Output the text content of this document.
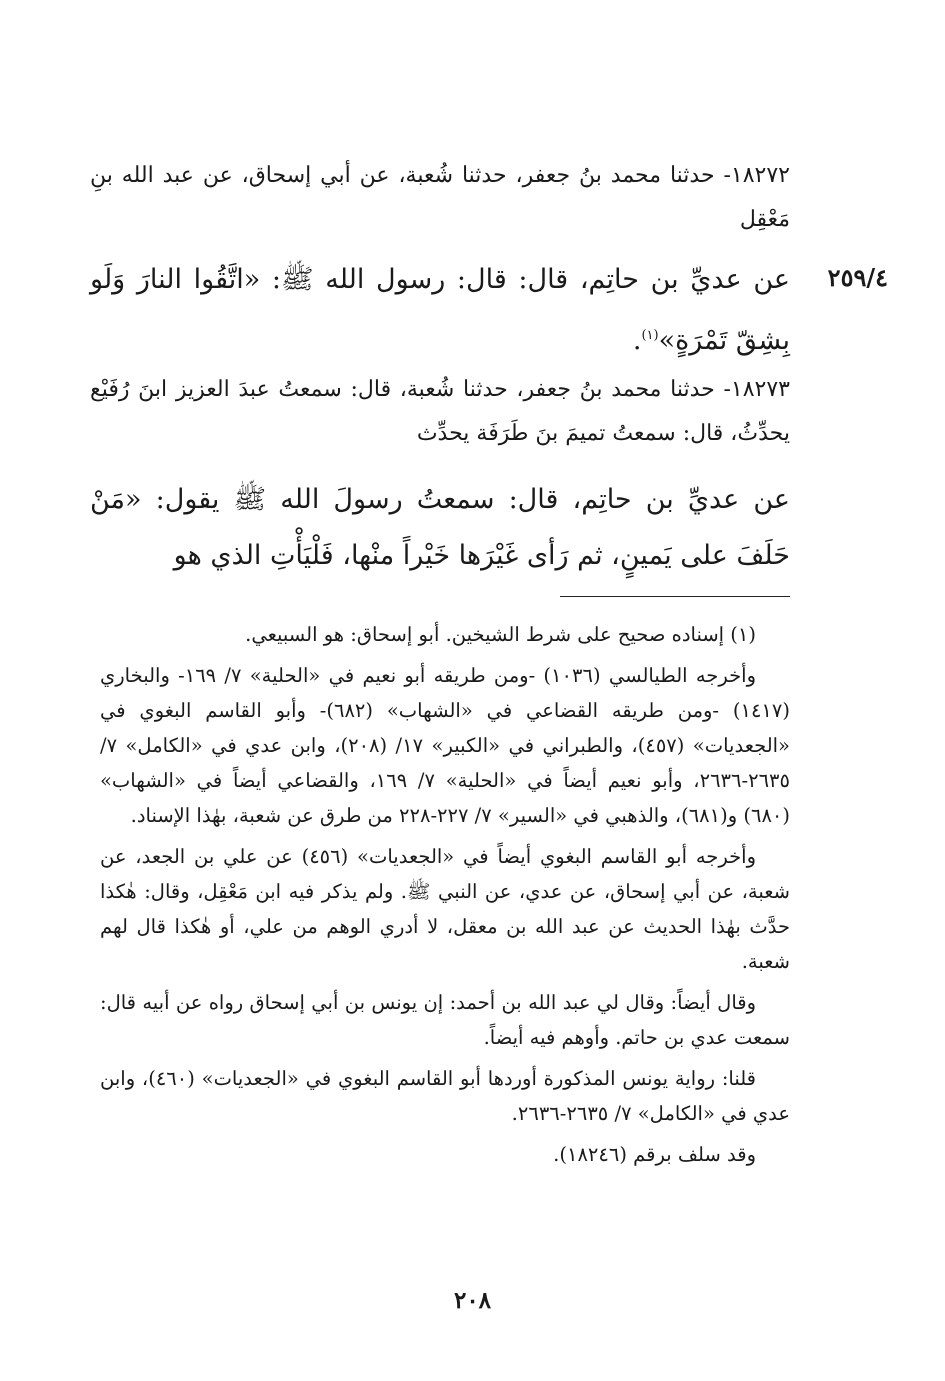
١٨٢٧٢- حدثنا محمد بنُ جعفر، حدثنا شُعبة، عن أبي إسحاق، عن عبد الله بنِ مَعْقِل
٢٥٩/٤
عن عديِّ بن حاتِم، قال: قال: رسول الله ﷺ: «اتَّقُوا النارَ وَلَو بِشِقّ تَمْرَةٍ»$^{(١)}$.
١٨٢٧٣- حدثنا محمد بنُ جعفر، حدثنا شُعبة، قال: سمعتُ عبدَ العزيز ابنَ رُفَيْع يحدِّثُ، قال: سمعتُ تميمَ بنَ طَرَفَة يحدِّث
عن عديِّ بن حاتِم، قال: سمعتُ رسولَ الله ﷺ يقول: «مَنْ حَلَفَ على يَمينٍ، ثم رَأى غَيْرَها خَيْراً منْها، فَلْيَأْتِ الذي هو

(١) إسناده صحيح على شرط الشيخين. أبو إسحاق: هو السبيعي.

وأخرجه الطيالسي (١٠٣٦) -ومن طريقه أبو نعيم في «الحلية» ٧/ ١٦٩- والبخاري (١٤١٧) -ومن طريقه القضاعي في «الشهاب» (٦٨٢)- وأبو القاسم البغوي في «الجعديات» (٤٥٧)، والطبراني في «الكبير» ١٧/ (٢٠٨)، وابن عدي في «الكامل» ٧/ ٢٦٣٥-٢٦٣٦، وأبو نعيم أيضاً في «الحلية» ٧/ ١٦٩، والقضاعي أيضاً في «الشهاب» (٦٨٠) و(٦٨١)، والذهبي في «السير» ٧/ ٢٢٧-٢٢٨ من طرق عن شعبة، بهٰذا الإسناد.

وأخرجه أبو القاسم البغوي أيضاً في «الجعديات» (٤٥٦) عن علي بن الجعد، عن شعبة، عن أبي إسحاق، عن عدي، عن النبي ﷺ. ولم يذكر فيه ابن مَعْقِل، وقال: هٰكذا حدَّث بهٰذا الحديث عن عبد الله بن معقل، لا أدري الوهم من علي، أو هٰكذا قال لهم شعبة.

وقال أيضاً: وقال لي عبد الله بن أحمد: إن يونس بن أبي إسحاق رواه عن أبيه قال: سمعت عدي بن حاتم. وأوهم فيه أيضاً.

قلنا: رواية يونس المذكورة أوردها أبو القاسم البغوي في «الجعديات» (٤٦٠)، وابن عدي في «الكامل» ٧/ ٢٦٣٥-٢٦٣٦.

وقد سلف برقم (١٨٢٤٦).

٢٠٨
